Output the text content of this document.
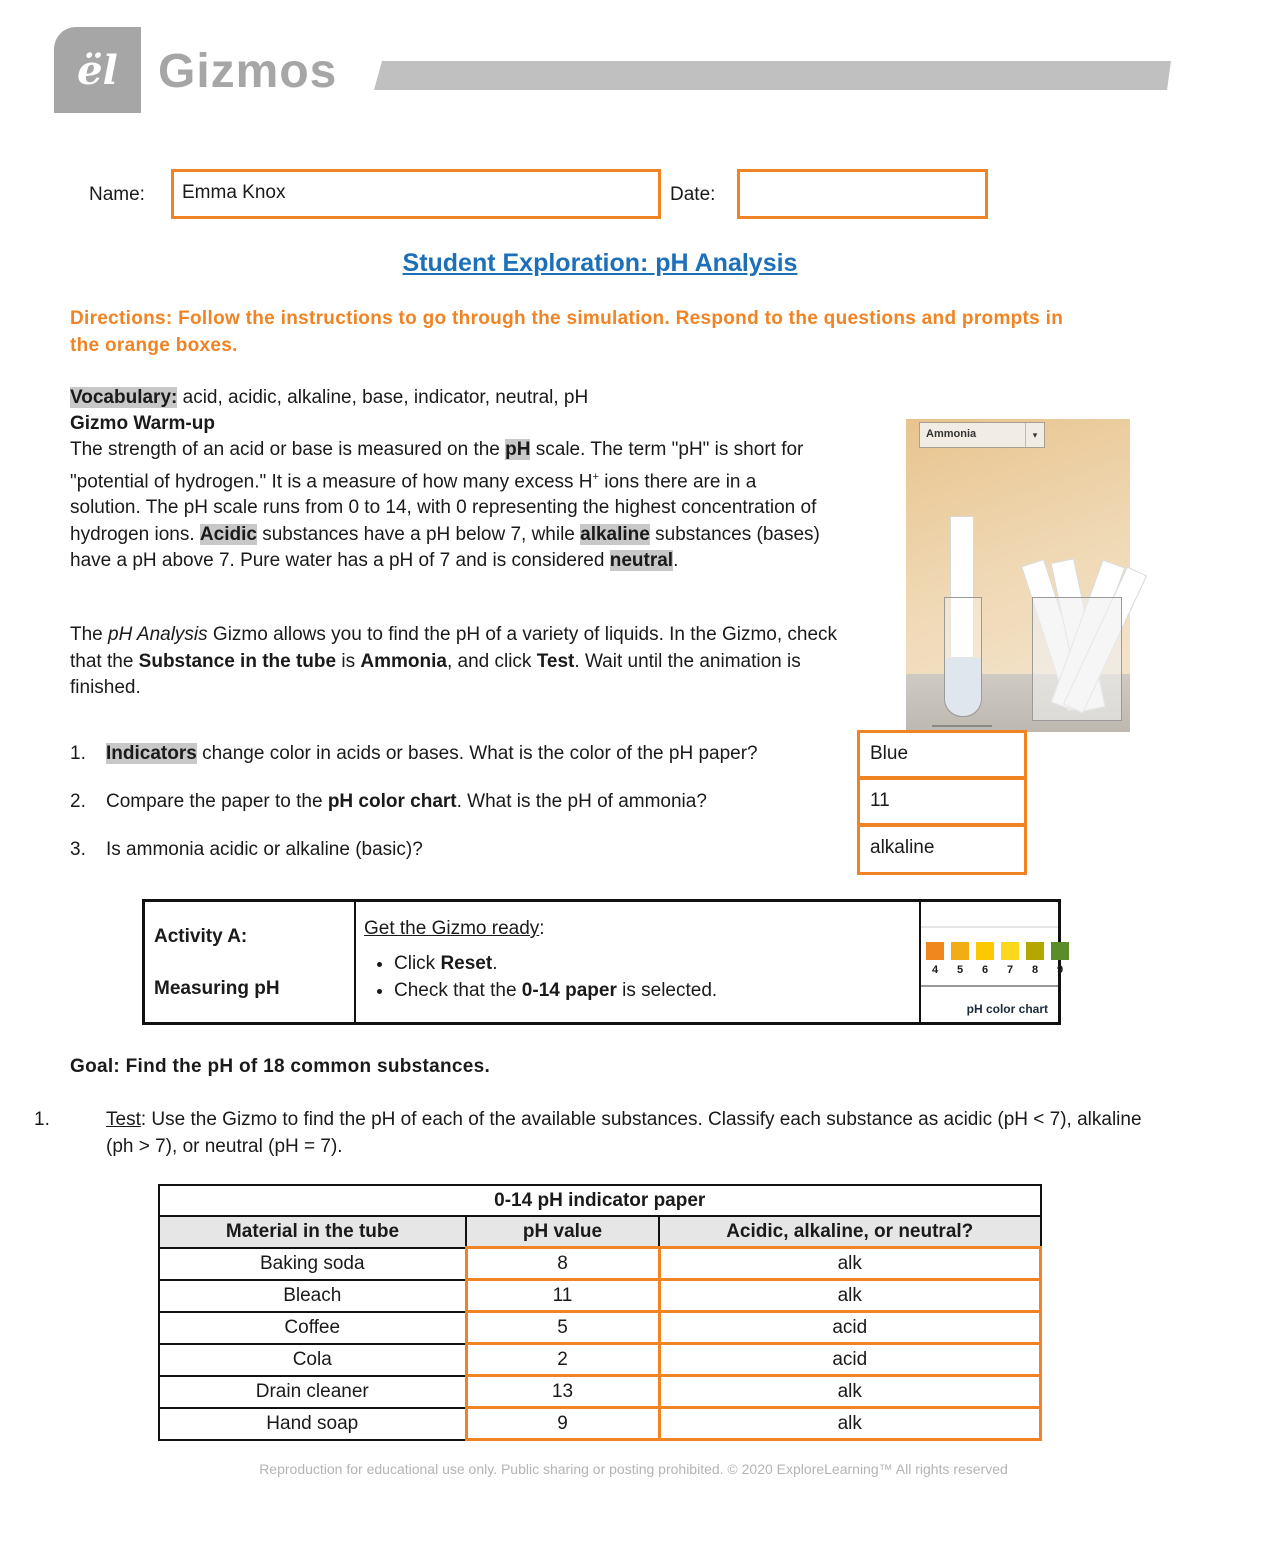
ël Gizmos
Name:	Emma Knox	Date:
Student Exploration: pH Analysis
Directions: Follow the instructions to go through the simulation. Respond to the questions and prompts in the orange boxes.
Vocabulary: acid, acidic, alkaline, base, indicator, neutral, pH
Gizmo Warm-up
The strength of an acid or base is measured on the pH scale. The term "pH" is short for "potential of hydrogen." It is a measure of how many excess H+ ions there are in a solution. The pH scale runs from 0 to 14, with 0 representing the highest concentration of hydrogen ions. Acidic substances have a pH below 7, while alkaline substances (bases) have a pH above 7. Pure water has a pH of 7 and is considered neutral.
The pH Analysis Gizmo allows you to find the pH of a variety of liquids. In the Gizmo, check that the Substance in the tube is Ammonia, and click Test. Wait until the animation is finished.
Ammonia	▾
1. Indicators change color in acids or bases. What is the color of the pH paper?	Blue
2. Compare the paper to the pH color chart. What is the pH of ammonia?	11
3. Is ammonia acidic or alkaline (basic)?	alkaline
Activity A:
Measuring pH
Get the Gizmo ready:
• Click Reset.
• Check that the 0-14 paper is selected.
4	5	6	7	8	9
pH color chart
Goal: Find the pH of 18 common substances.
1.	Test: Use the Gizmo to find the pH of each of the available substances. Classify each substance as acidic (pH < 7), alkaline (ph > 7), or neutral (pH = 7).
0-14 pH indicator paper		
Material in the tube	pH value	Acidic, alkaline, or neutral?
Baking soda	8	alk
Bleach	11	alk
Coffee	5	acid
Cola	2	acid
Drain cleaner	13	alk
Hand soap	9	alk
Reproduction for educational use only. Public sharing or posting prohibited. © 2020 ExploreLearning™ All rights reserved
